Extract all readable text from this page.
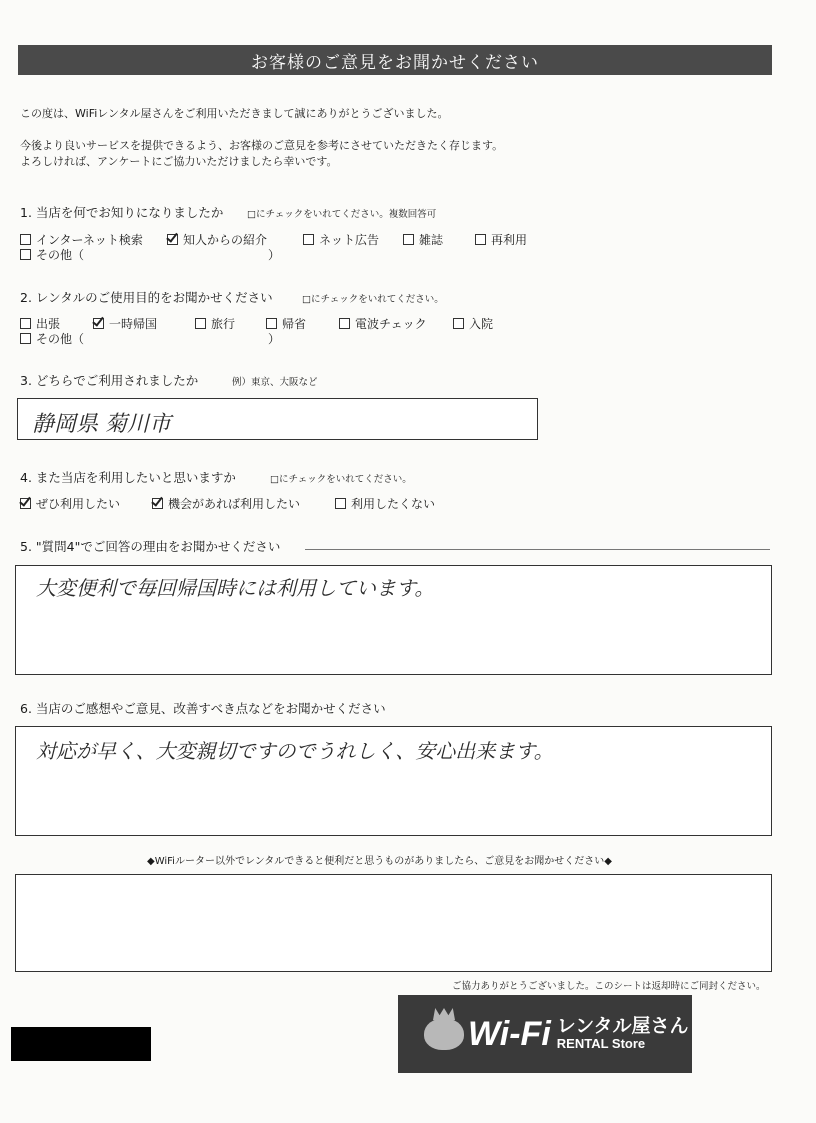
お客様のご意見をお聞かせください
この度は、WiFiレンタル屋さんをご利用いただきまして誠にありがとうございました。
今後より良いサービスを提供できるよう、お客様のご意見を参考にさせていただきたく存じます。
よろしければ、アンケートにご協力いただけましたら幸いです。
1. 当店を何でお知りになりましたか □にチェックをいれてください。複数回答可
インターネット検索	知人からの紹介	ネット広告	雑誌	再利用
その他（	）
2. レンタルのご使用目的をお聞かせください	□にチェックをいれてください。
出張	一時帰国	旅行	帰省	電波チェック	入院
その他（	）
3. どちらでご利用されましたか	例）東京、大阪など
静岡県 菊川市
4. また当店を利用したいと思いますか	□にチェックをいれてください。
ぜひ利用したい	機会があれば利用したい	利用したくない
5. "質問4"でご回答の理由をお聞かせください
大変便利で毎回帰国時には利用しています。
6. 当店のご感想やご意見、改善すべき点などをお聞かせください
対応が早く、大変親切ですのでうれしく、安心出来ます。
◆WiFiルーター以外でレンタルできると便利だと思うものがありましたら、ご意見をお聞かせください◆
ご協力ありがとうございました。このシートは返却時にご同封ください。
Wi-Fi レンタル屋さん
RENTAL Store
